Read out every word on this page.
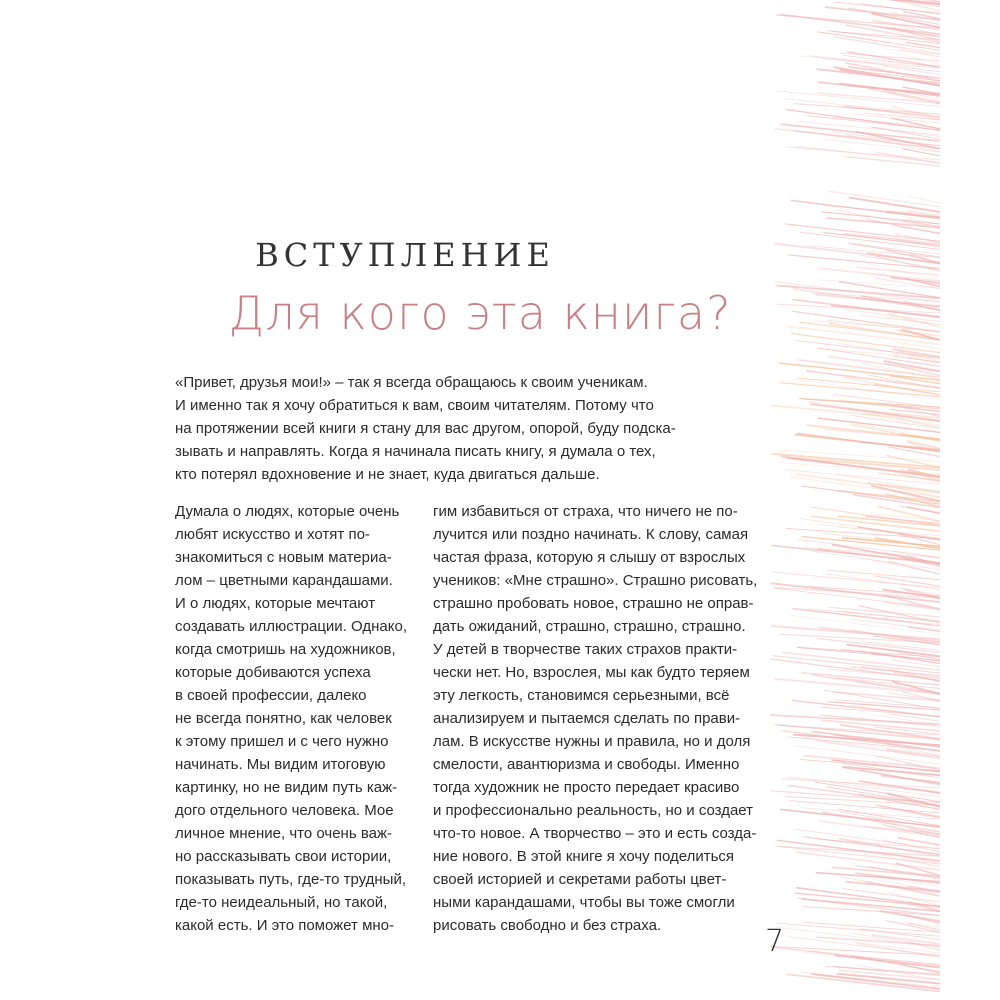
ВСТУПЛЕНИЕ
Для кого эта книга?
«Привет, друзья мои!» – так я всегда обращаюсь к своим ученикам.
И именно так я хочу обратиться к вам, своим читателям. Потому что
на протяжении всей книги я стану для вас другом, опорой, буду подска-
зывать и направлять. Когда я начинала писать книгу, я думала о тех,
кто потерял вдохновение и не знает, куда двигаться дальше.
Думала о людях, которые очень
любят искусство и хотят по-
знакомиться с новым материа-
лом – цветными карандашами.
И о людях, которые мечтают
создавать иллюстрации. Однако,
когда смотришь на художников,
которые добиваются успеха
в своей профессии, далеко
не всегда понятно, как человек
к этому пришел и с чего нужно
начинать. Мы видим итоговую
картинку, но не видим путь каж-
дого отдельного человека. Мое
личное мнение, что очень важ-
но рассказывать свои истории,
показывать путь, где-то трудный,
где-то неидеальный, но такой,
какой есть. И это поможет мно-
гим избавиться от страха, что ничего не по-
лучится или поздно начинать. К слову, самая
частая фраза, которую я слышу от взрослых
учеников: «Мне страшно». Страшно рисовать,
страшно пробовать новое, страшно не оправ-
дать ожиданий, страшно, страшно, страшно.
У детей в творчестве таких страхов практи-
чески нет. Но, взрослея, мы как будто теряем
эту легкость, становимся серьезными, всё
анализируем и пытаемся сделать по прави-
лам. В искусстве нужны и правила, но и доля
смелости, авантюризма и свободы. Именно
тогда художник не просто передает красиво
и профессионально реальность, но и создает
что-то новое. А творчество – это и есть созда-
ние нового. В этой книге я хочу поделиться
своей историей и секретами работы цвет-
ными карандашами, чтобы вы тоже смогли
рисовать свободно и без страха.	7
